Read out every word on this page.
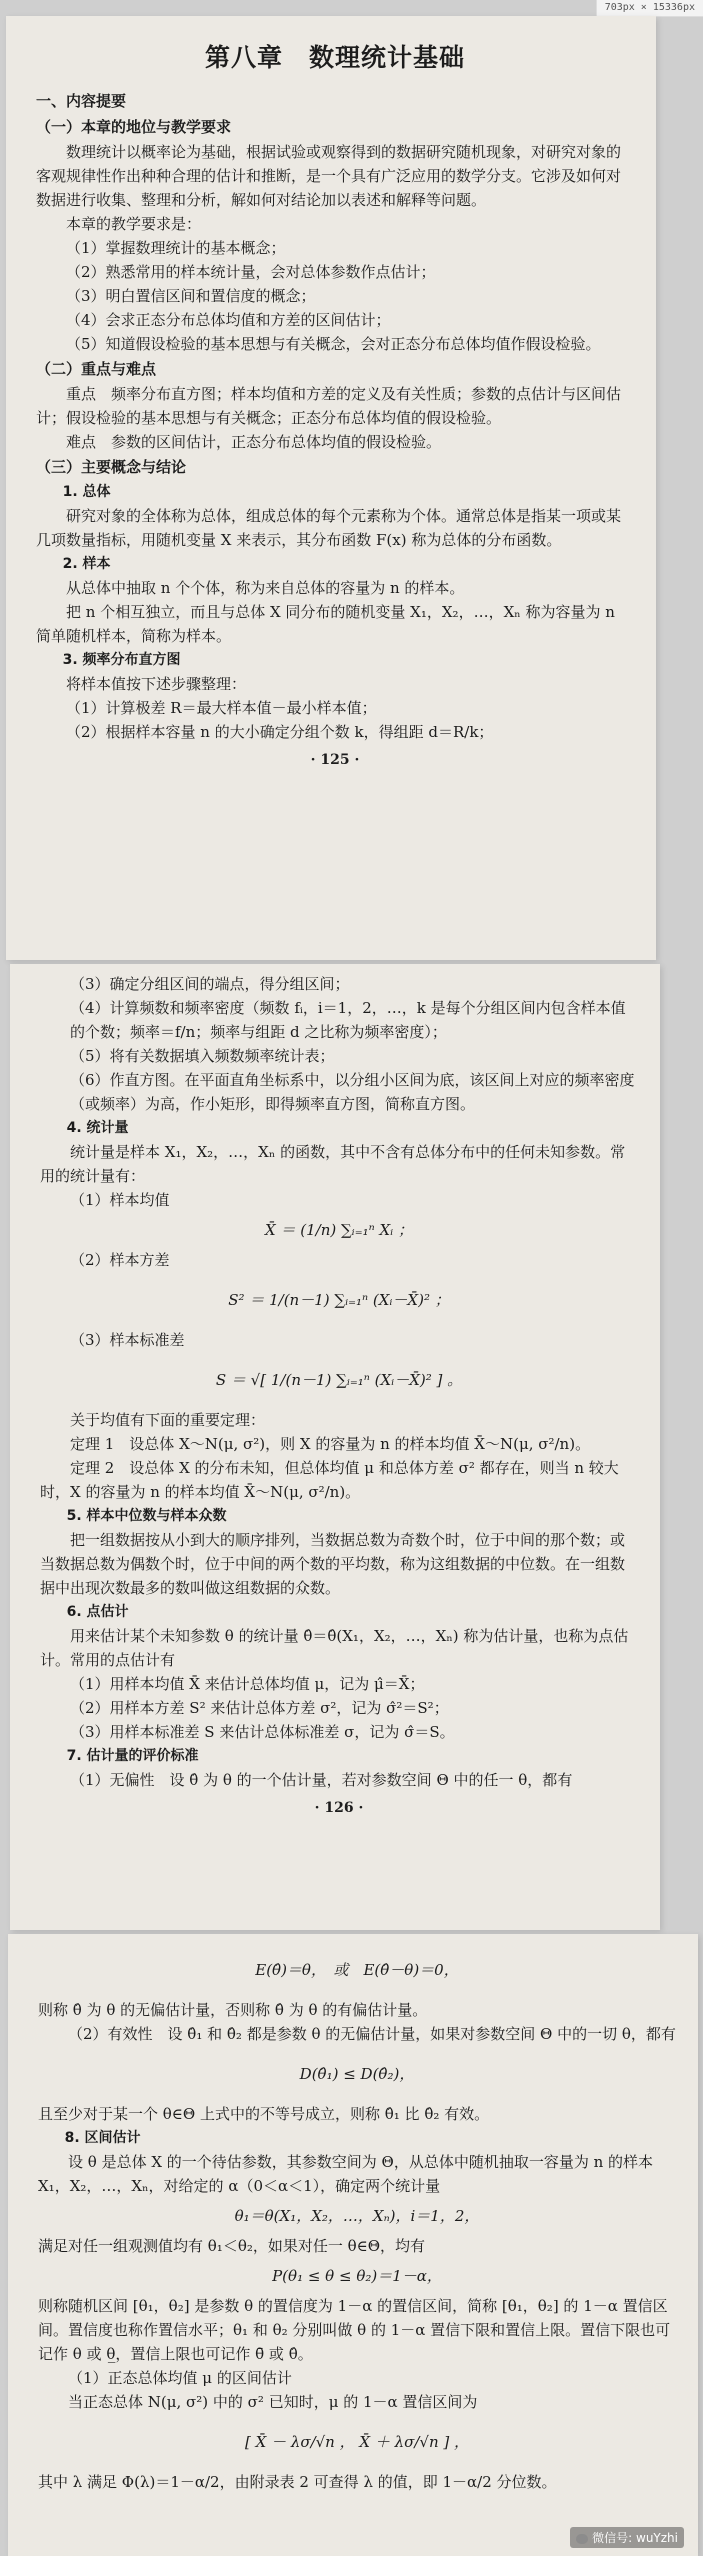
703px × 15336px
第八章　数理统计基础
一、内容提要
（一）本章的地位与教学要求

数理统计以概率论为基础，根据试验或观察得到的数据研究随机现象，对研究对象的客观规律性作出种种合理的估计和推断，是一个具有广泛应用的数学分支。它涉及如何对数据进行收集、整理和分析，解如何对结论加以表述和解释等问题。

本章的教学要求是：

（1）掌握数理统计的基本概念；
（2）熟悉常用的样本统计量，会对总体参数作点估计；
（3）明白置信区间和置信度的概念；
（4）会求正态分布总体均值和方差的区间估计；
（5）知道假设检验的基本思想与有关概念，会对正态分布总体均值作假设检验。
（二）重点与难点

重点　频率分布直方图；样本均值和方差的定义及有关性质；参数的点估计与区间估计；假设检验的基本思想与有关概念；正态分布总体均值的假设检验。

难点　参数的区间估计，正态分布总体均值的假设检验。

（三）主要概念与结论
1. 总体

研究对象的全体称为总体，组成总体的每个元素称为个体。通常总体是指某一项或某几项数量指标，用随机变量 X 来表示，其分布函数 F(x) 称为总体的分布函数。

2. 样本

从总体中抽取 n 个个体，称为来自总体的容量为 n 的样本。

把 n 个相互独立，而且与总体 X 同分布的随机变量 X₁，X₂，…，Xₙ 称为容量为 n 简单随机样本，简称为样本。

3. 频率分布直方图

将样本值按下述步骤整理：

（1）计算极差 R＝最大样本值－最小样本值；
（2）根据样本容量 n 的大小确定分组个数 k，得组距 d＝R/k；
· 125 ·
（3）确定分组区间的端点，得分组区间；
（4）计算频数和频率密度（频数 fᵢ，i＝1，2，…，k 是每个分组区间内包含样本值的个数；频率＝f/n；频率与组距 d 之比称为频率密度）；
（5）将有关数据填入频数频率统计表；
（6）作直方图。在平面直角坐标系中，以分组小区间为底，该区间上对应的频率密度（或频率）为高，作小矩形，即得频率直方图，简称直方图。
4. 统计量

统计量是样本 X₁，X₂，…，Xₙ 的函数，其中不含有总体分布中的任何未知参数。常用的统计量有：

（1）样本均值
X̄ ＝ (1/n) ∑ᵢ₌₁ⁿ Xᵢ ；
（2）样本方差
S² ＝ 1/(n－1) ∑ᵢ₌₁ⁿ (Xᵢ－X̄)² ；
（3）样本标准差
S ＝ √[ 1/(n－1) ∑ᵢ₌₁ⁿ (Xᵢ－X̄)² ] 。

关于均值有下面的重要定理：

定理 1　设总体 X～N(μ, σ²)，则 X 的容量为 n 的样本均值 X̄～N(μ, σ²/n)。

定理 2　设总体 X 的分布未知，但总体均值 μ 和总体方差 σ² 都存在，则当 n 较大时，X 的容量为 n 的样本均值 X̄～N(μ, σ²/n)。

5. 样本中位数与样本众数

把一组数据按从小到大的顺序排列，当数据总数为奇数个时，位于中间的那个数；或当数据总数为偶数个时，位于中间的两个数的平均数，称为这组数据的中位数。在一组数据中出现次数最多的数叫做这组数据的众数。

6. 点估计

用来估计某个未知参数 θ 的统计量 θ̂＝θ̂(X₁，X₂，…，Xₙ) 称为估计量，也称为点估计。常用的点估计有

（1）用样本均值 X̄ 来估计总体均值 μ，记为 μ̂＝X̄；
（2）用样本方差 S² 来估计总体方差 σ²，记为 σ̂²＝S²；
（3）用样本标准差 S 来估计总体标准差 σ，记为 σ̂＝S。
7. 估计量的评价标准

（1）无偏性　设 θ̂ 为 θ 的一个估计量，若对参数空间 Θ 中的任一 θ，都有

· 126 ·
E(θ̂)＝θ，　或　E(θ̂－θ)＝0，

则称 θ̂ 为 θ 的无偏估计量，否则称 θ̂ 为 θ 的有偏估计量。

（2）有效性　设 θ̂₁ 和 θ̂₂ 都是参数 θ 的无偏估计量，如果对参数空间 Θ 中的一切 θ，都有

D(θ̂₁) ≤ D(θ̂₂)，

且至少对于某一个 θ∈Θ 上式中的不等号成立，则称 θ̂₁ 比 θ̂₂ 有效。

8. 区间估计

设 θ 是总体 X 的一个待估参数，其参数空间为 Θ，从总体中随机抽取一容量为 n 的样本 X₁，X₂，…，Xₙ，对给定的 α（0＜α＜1），确定两个统计量

θ₁＝θ(X₁，X₂，…，Xₙ)，i＝1，2，

满足对任一组观测值均有 θ₁＜θ₂，如果对任一 θ∈Θ，均有

P(θ₁ ≤ θ ≤ θ₂)＝1－α，

则称随机区间 [θ₁，θ₂] 是参数 θ 的置信度为 1－α 的置信区间，简称 [θ₁，θ₂] 的 1－α 置信区间。置信度也称作置信水平；θ₁ 和 θ₂ 分别叫做 θ 的 1－α 置信下限和置信上限。置信下限也可记作 θ 或 θ̲，置信上限也可记作 θ̄ 或 θ̂。

（1）正态总体均值 μ 的区间估计

当正态总体 N(μ, σ²) 中的 σ² 已知时，μ 的 1－α 置信区间为

[ X̄ － λσ/√n ， X̄ ＋ λσ/√n ] ，

其中 λ 满足 Φ(λ)＝1－α/2，由附录表 2 可查得 λ 的值，即 1－α/2 分位数。

微信号: wuYzhi
